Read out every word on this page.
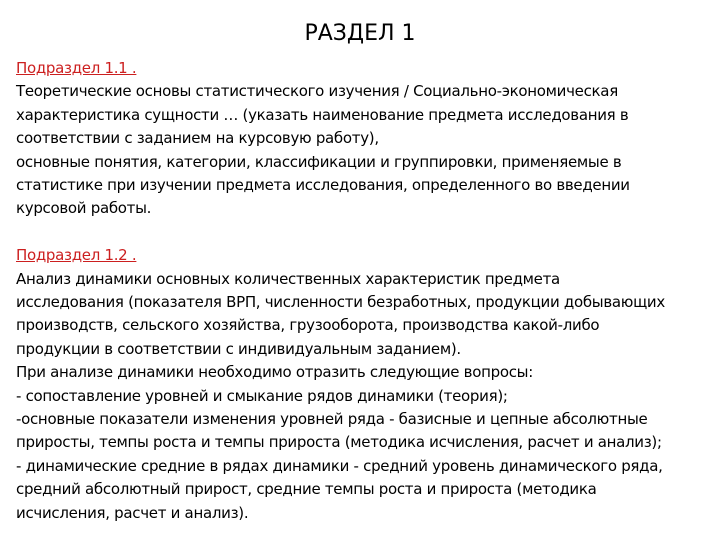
РАЗДЕЛ 1
Подраздел 1.1 .
Теоретические основы статистического изучения / Социально-экономическая
характеристика сущности … (указать наименование предмета исследования в
соответствии с заданием на курсовую работу),
основные понятия, категории, классификации и группировки, применяемые в
статистике при изучении предмета исследования, определенного во введении
курсовой работы.
Подраздел 1.2 .
Анализ динамики основных количественных характеристик предмета
исследования (показателя ВРП, численности безработных, продукции добывающих
производств, сельского хозяйства, грузооборота, производства какой-либо
продукции в соответствии с индивидуальным заданием).
При анализе динамики необходимо отразить следующие вопросы:
- сопоставление уровней и смыкание рядов динамики (теория);
-основные показатели изменения уровней ряда - базисные и цепные абсолютные
приросты, темпы роста и темпы прироста (методика исчисления, расчет и анализ);
- динамические средние в рядах динамики - средний уровень динамического ряда,
средний абсолютный прирост, средние темпы роста и прироста (методика
исчисления, расчет и анализ).
